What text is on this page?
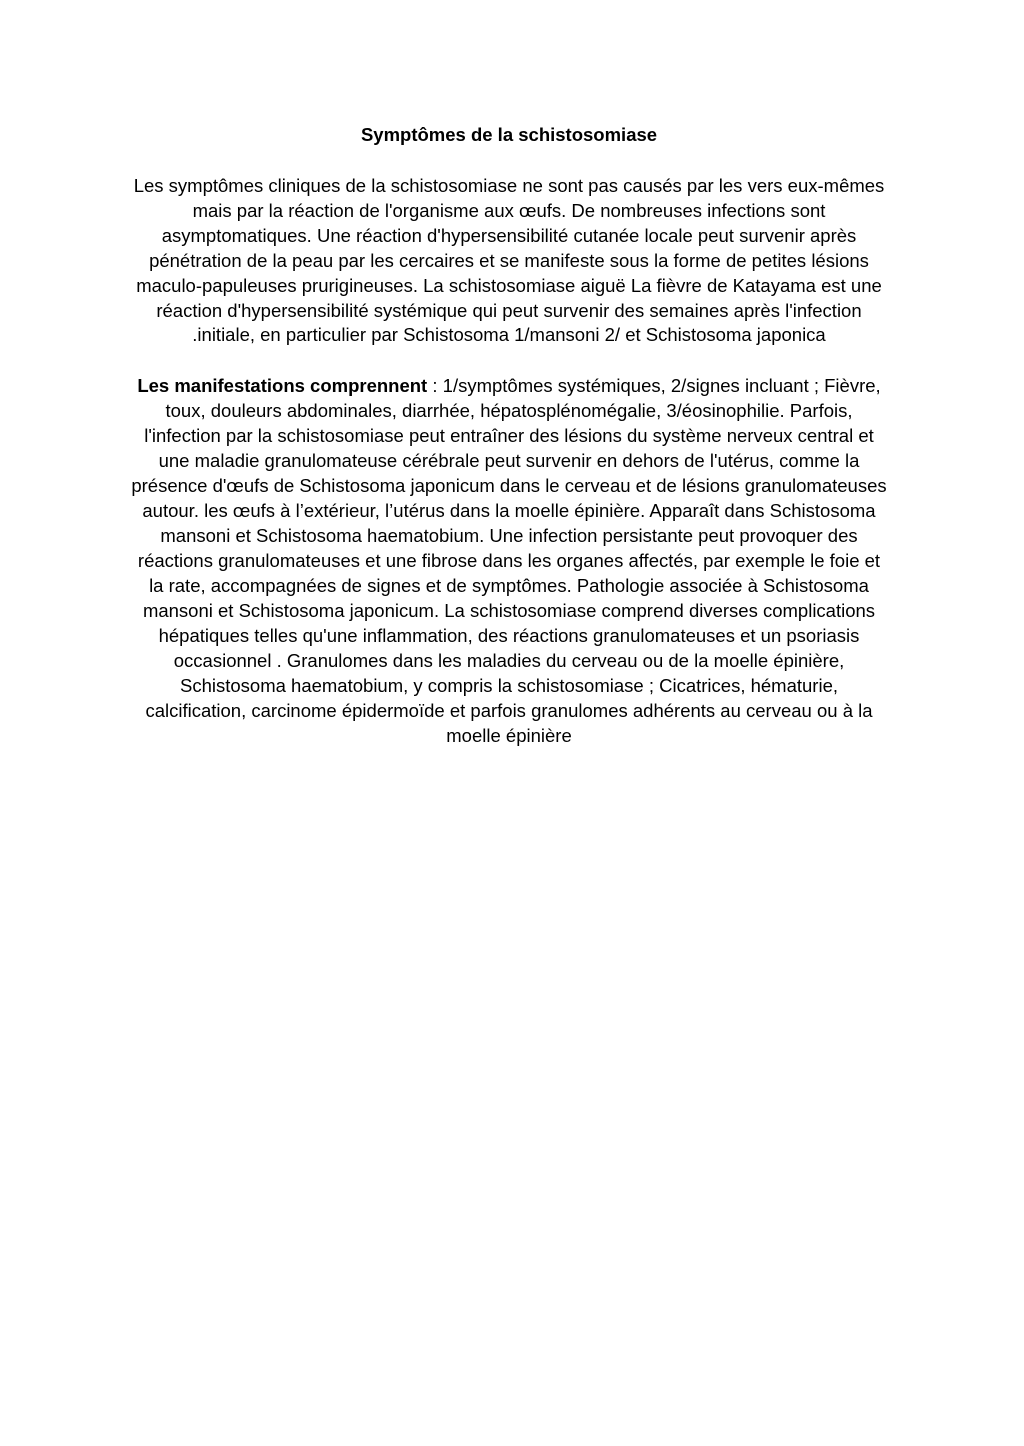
Symptômes de la schistosomiase

Les symptômes cliniques de la schistosomiase ne sont pas causés par les vers eux-mêmes

mais par la réaction de l'organisme aux œufs. De nombreuses infections sont

asymptomatiques. Une réaction d'hypersensibilité cutanée locale peut survenir après

pénétration de la peau par les cercaires et se manifeste sous la forme de petites lésions

maculo-papuleuses prurigineuses. La schistosomiase aiguë La fièvre de Katayama est une

réaction d'hypersensibilité systémique qui peut survenir des semaines après l'infection

.initiale, en particulier par Schistosoma 1/mansoni 2/ et Schistosoma japonica

Les manifestations comprennent : 1/symptômes systémiques, 2/signes incluant ; Fièvre,

toux, douleurs abdominales, diarrhée, hépatosplénomégalie, 3/éosinophilie. Parfois,

l'infection par la schistosomiase peut entraîner des lésions du système nerveux central et

une maladie granulomateuse cérébrale peut survenir en dehors de l'utérus, comme la

présence d'œufs de Schistosoma japonicum dans le cerveau et de lésions granulomateuses

autour. les œufs à l’extérieur, l’utérus dans la moelle épinière. Apparaît dans Schistosoma

mansoni et Schistosoma haematobium. Une infection persistante peut provoquer des

réactions granulomateuses et une fibrose dans les organes affectés, par exemple le foie et

la rate, accompagnées de signes et de symptômes. Pathologie associée à Schistosoma

mansoni et Schistosoma japonicum. La schistosomiase comprend diverses complications

hépatiques telles qu'une inflammation, des réactions granulomateuses et un psoriasis

occasionnel . Granulomes dans les maladies du cerveau ou de la moelle épinière,

Schistosoma haematobium, y compris la schistosomiase ; Cicatrices, hématurie,

calcification, carcinome épidermoïde et parfois granulomes adhérents au cerveau ou à la

moelle épinière
